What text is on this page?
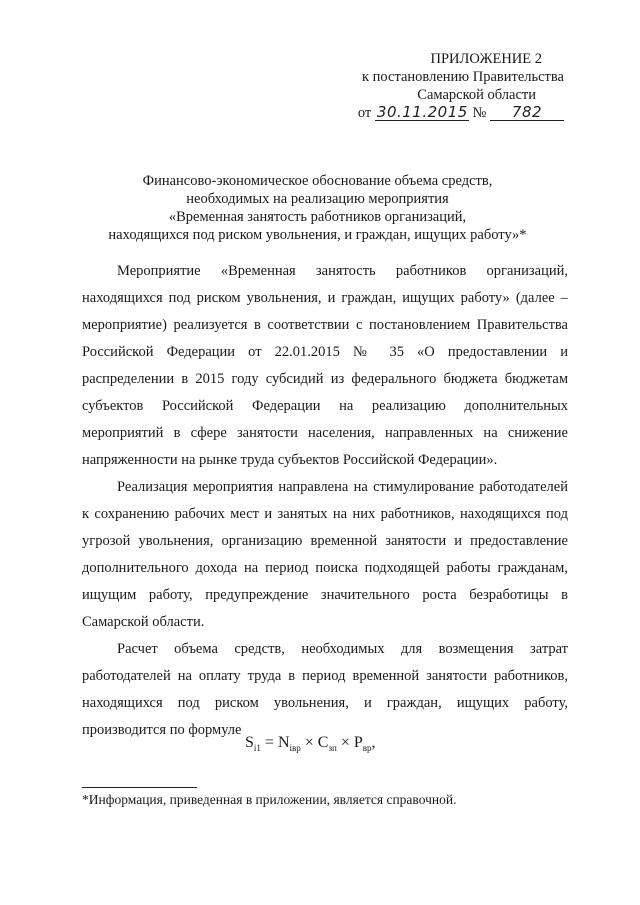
ПРИЛОЖЕНИЕ 2
к постановлению Правительства
Самарской области
от 30.11.2015 № 782
Финансово-экономическое обоснование объема средств,
необходимых на реализацию мероприятия
«Временная занятость работников организаций,
находящихся под риском увольнения, и граждан, ищущих работу»*

Мероприятие «Временная занятость работников организаций, находящихся под риском увольнения, и граждан, ищущих работу» (далее – мероприятие) реализуется в соответствии с постановлением Правительства Российской Федерации от 22.01.2015 № 35 «О предоставлении и распределении в 2015 году субсидий из федерального бюджета бюджетам субъектов Российской Федерации на реализацию дополнительных мероприятий в сфере занятости населения, направленных на снижение напряженности на рынке труда субъектов Российской Федерации».

Реализация мероприятия направлена на стимулирование работодателей к сохранению рабочих мест и занятых на них работников, находящихся под угрозой увольнения, организацию временной занятости и предоставление дополнительного дохода на период поиска подходящей работы гражданам, ищущим работу, предупреждение значительного роста безработицы в Самарской области.

Расчет объема средств, необходимых для возмещения затрат работодателей на оплату труда в период временной занятости работников, находящихся под риском увольнения, и граждан, ищущих работу, производится по формуле

$S_{i1} = N_{івр} \times C_{зп} \times P_{вр}$,
*Информация, приведенная в приложении, является справочной.
